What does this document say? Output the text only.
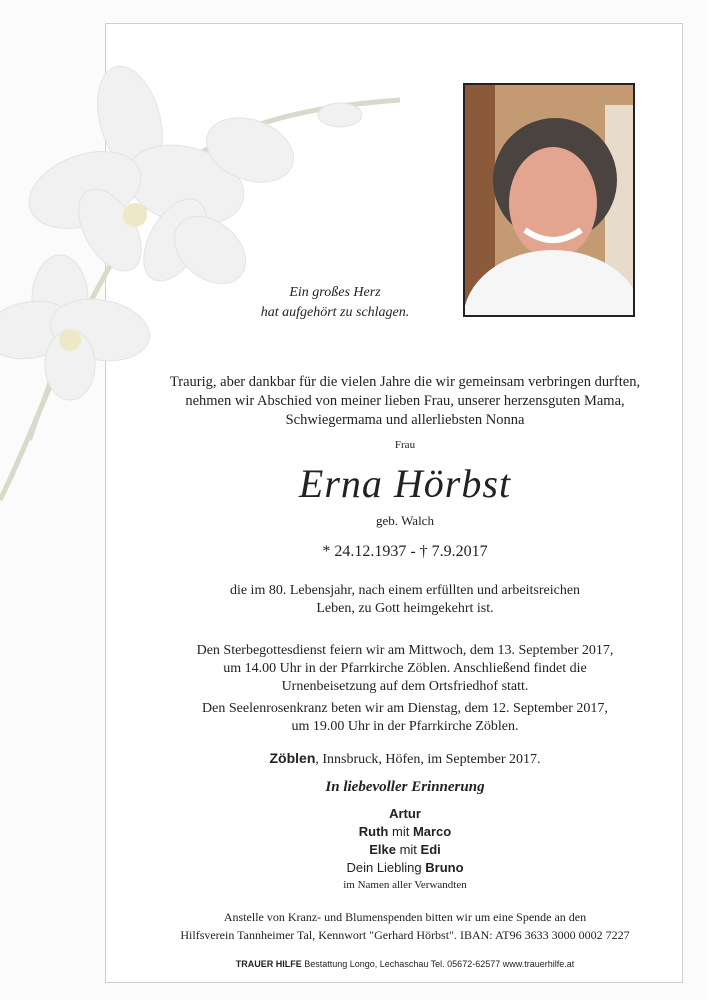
Ein großes Herz
hat aufgehört zu schlagen.
Traurig, aber dankbar für die vielen Jahre die wir gemeinsam verbringen durften,
nehmen wir Abschied von meiner lieben Frau, unserer herzensguten Mama,
Schwiegermama und allerliebsten Nonna
Frau
Erna Hörbst
geb. Walch
* 24.12.1937 - † 7.9.2017
die im 80. Lebensjahr, nach einem erfüllten und arbeitsreichen
Leben, zu Gott heimgekehrt ist.
Den Sterbegottesdienst feiern wir am Mittwoch, dem 13. September 2017,
um 14.00 Uhr in der Pfarrkirche Zöblen. Anschließend findet die
Urnenbeisetzung auf dem Ortsfriedhof statt.
Den Seelenrosenkranz beten wir am Dienstag, dem 12. September 2017,
um 19.00 Uhr in der Pfarrkirche Zöblen.
Zöblen, Innsbruck, Höfen, im September 2017.
In liebevoller Erinnerung
Artur
Ruth mit Marco
Elke mit Edi
Dein Liebling Bruno
im Namen aller Verwandten
Anstelle von Kranz- und Blumenspenden bitten wir um eine Spende an den
Hilfsverein Tannheimer Tal, Kennwort "Gerhard Hörbst". IBAN: AT96 3633 3000 0002 7227
TRAUER HILFE Bestattung Longo, Lechaschau Tel. 05672-62577 www.trauerhilfe.at
